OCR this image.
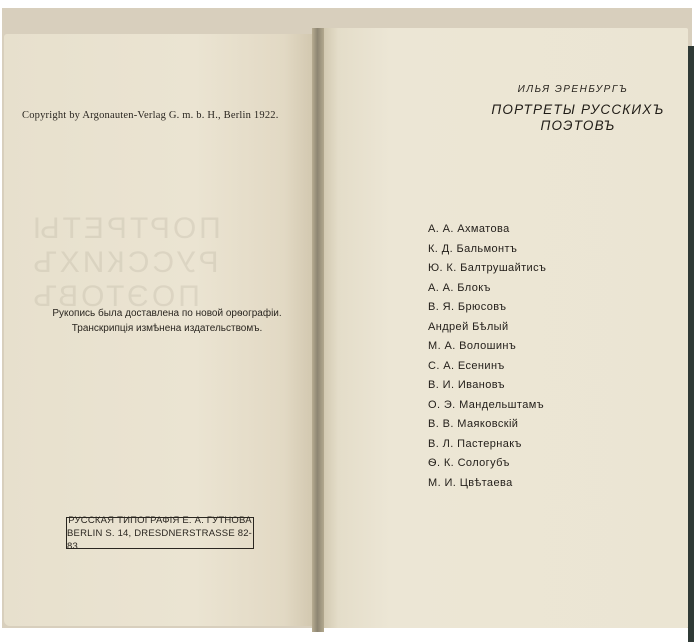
ПОРТРЕТЫ РУССКИХЪ
ПОЭТОВЪ
Copyright by Argonauten-Verlag G. m. b. H., Berlin 1922.
Рукопись была доставлена по новой орѳографіи.
Транскрипція измѣнена издательствомъ.
РУССКАЯ ТИПОГРАФІЯ Е. А. ГУТНОВА
BERLIN S. 14, DRESDNERSTRASSE 82-83.
ИЛЬЯ ЭРЕНБУРГЪ
ПОРТРЕТЫ РУССКИХЪ
ПОЭТОВЪ
А. А. Ахматова
К. Д. Бальмонтъ
Ю. К. Балтрушайтисъ
А. А. Блокъ
В. Я. Брюсовъ
Андрей Бѣлый
М. А. Волошинъ
С. А. Есенинъ
В. И. Ивановъ
О. Э. Мандельштамъ
В. В. Маяковскій
В. Л. Пастернакъ
Ѳ. К. Сологубъ
М. И. Цвѣтаева
